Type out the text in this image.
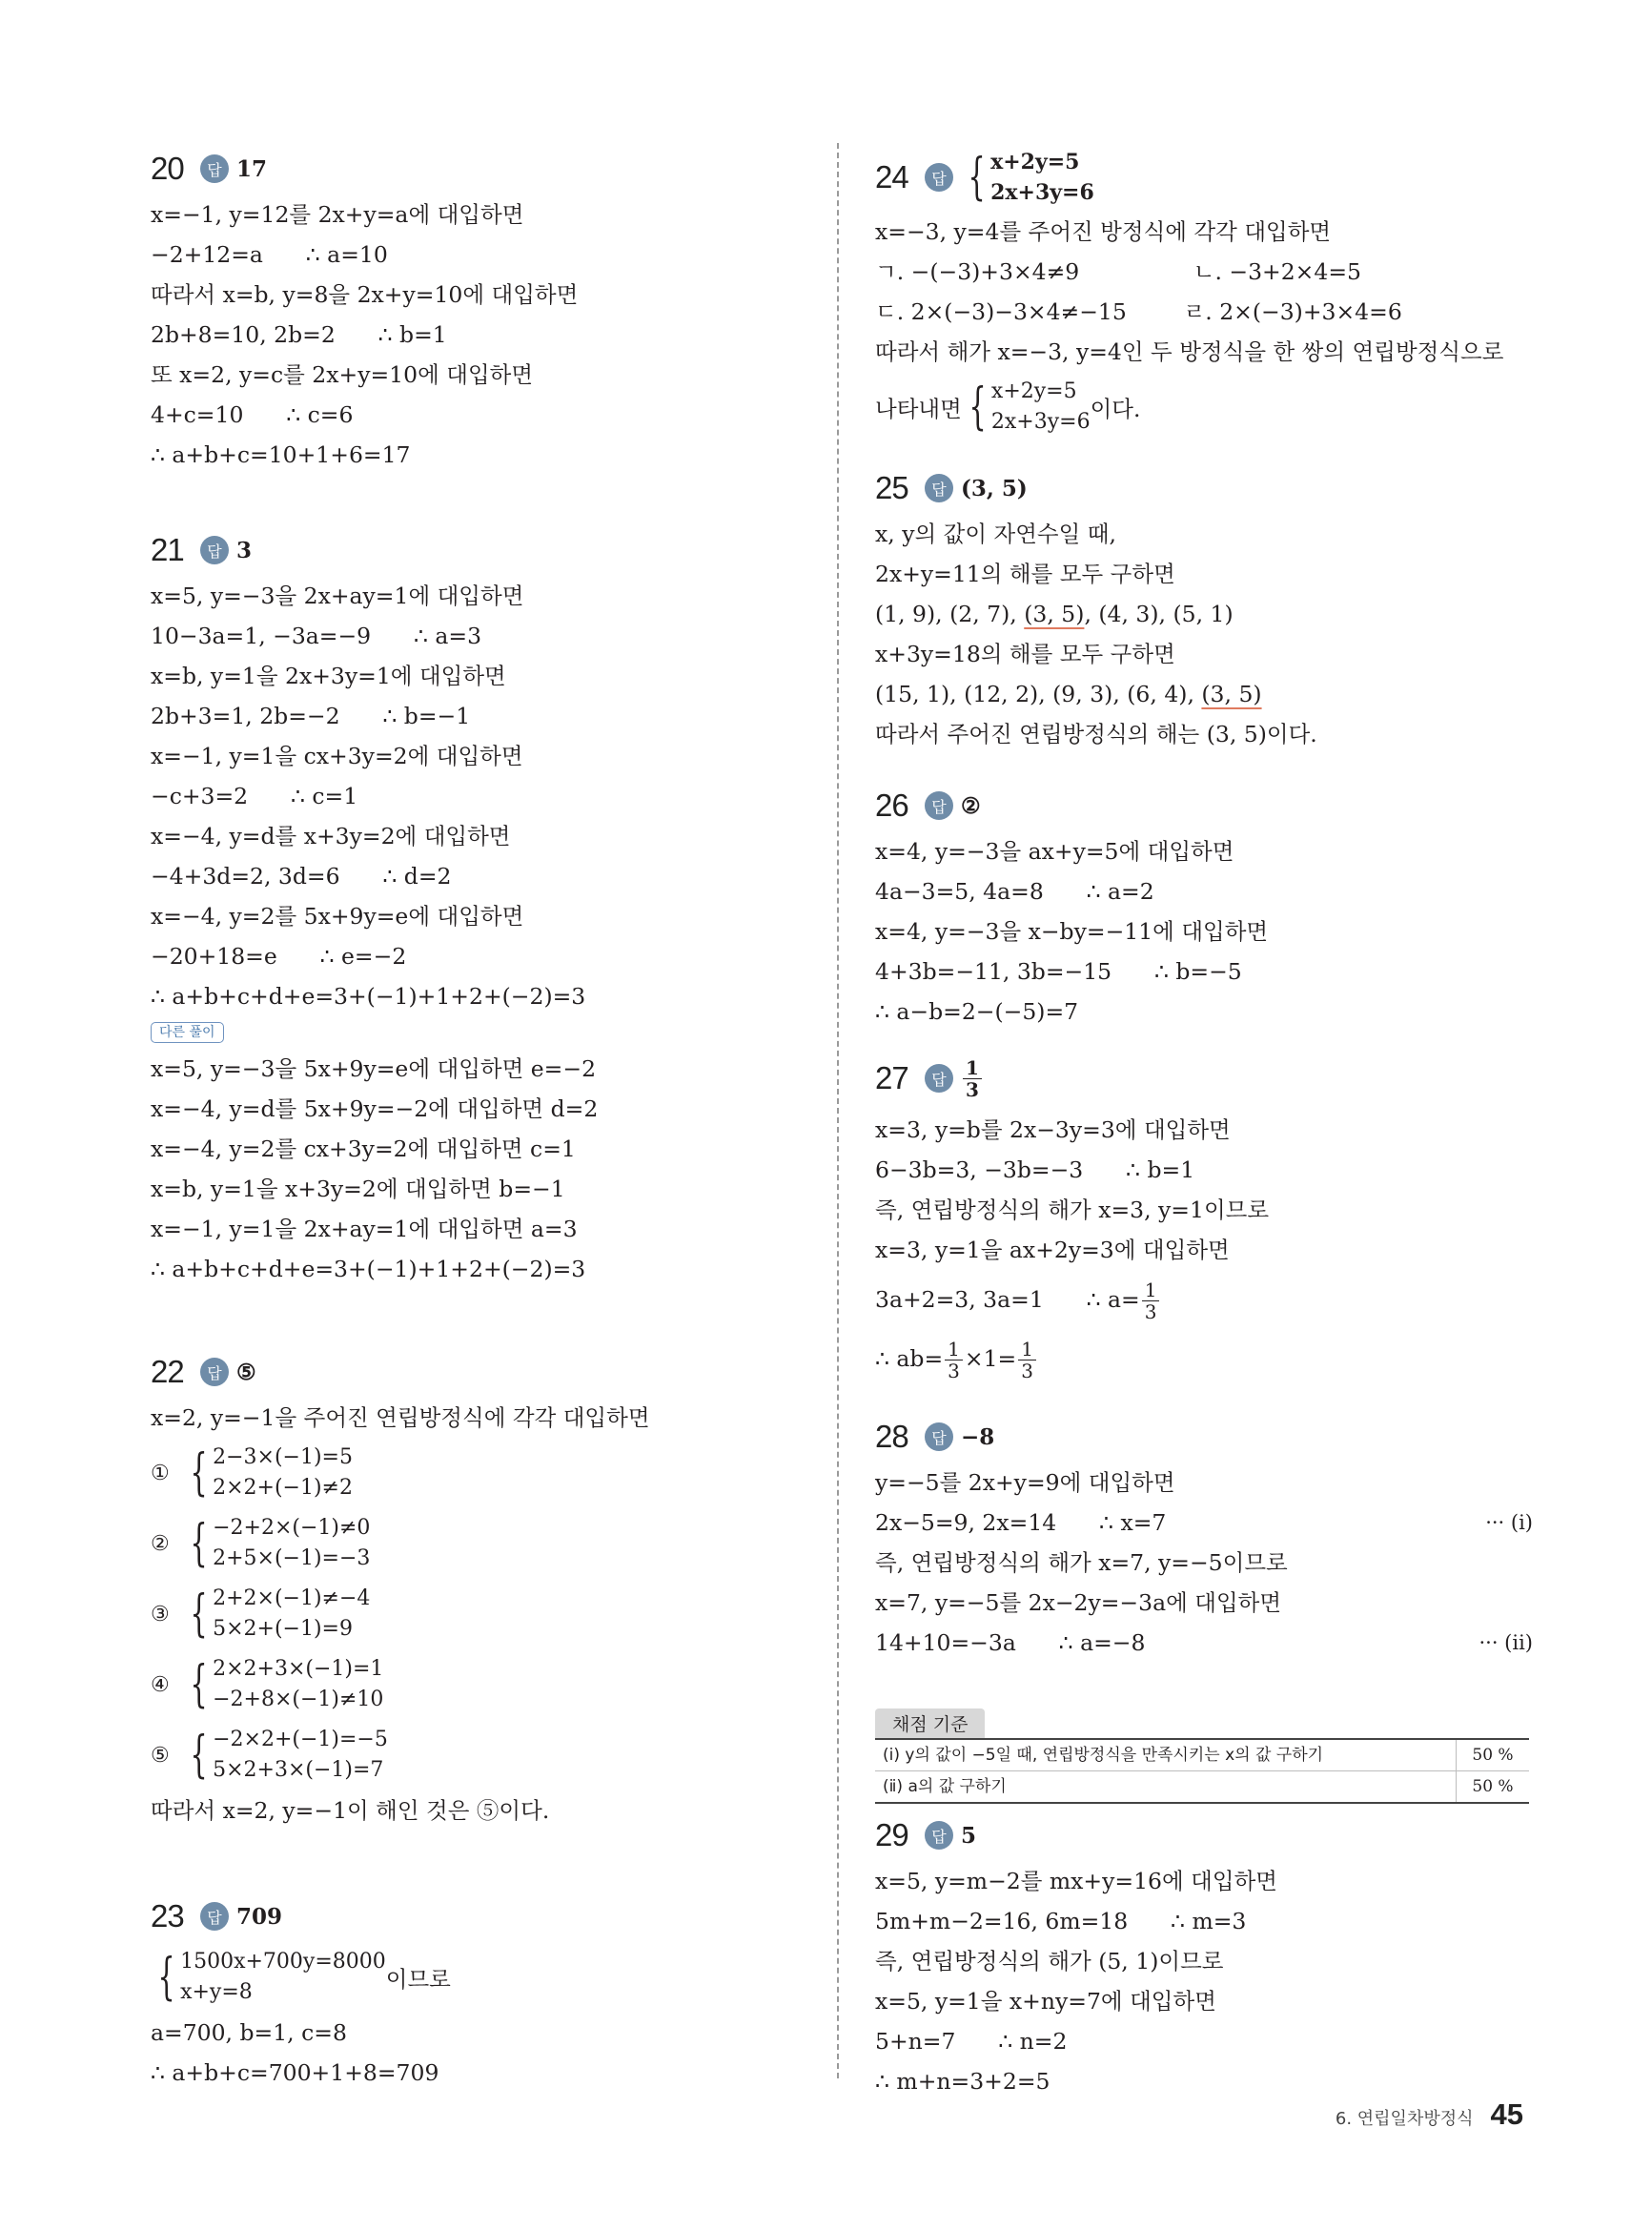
20	답 17
x=−1, y=12를 2x+y=a에 대입하면
−2+12=a      ∴ a=10
따라서 x=b, y=8을 2x+y=10에 대입하면
2b+8=10, 2b=2      ∴ b=1
또 x=2, y=c를 2x+y=10에 대입하면
4+c=10      ∴ c=6
∴ a+b+c=10+1+6=17
21	답 3
x=5, y=−3을 2x+ay=1에 대입하면
10−3a=1, −3a=−9      ∴ a=3
x=b, y=1을 2x+3y=1에 대입하면
2b+3=1, 2b=−2      ∴ b=−1
x=−1, y=1을 cx+3y=2에 대입하면
−c+3=2      ∴ c=1
x=−4, y=d를 x+3y=2에 대입하면
−4+3d=2, 3d=6      ∴ d=2
x=−4, y=2를 5x+9y=e에 대입하면
−20+18=e      ∴ e=−2
∴ a+b+c+d+e=3+(−1)+1+2+(−2)=3
다른 풀이
x=5, y=−3을 5x+9y=e에 대입하면 e=−2
x=−4, y=d를 5x+9y=−2에 대입하면 d=2
x=−4, y=2를 cx+3y=2에 대입하면 c=1
x=b, y=1을 x+3y=2에 대입하면 b=−1
x=−1, y=1을 2x+ay=1에 대입하면 a=3
∴ a+b+c+d+e=3+(−1)+1+2+(−2)=3
22	답 ⑤
x=2, y=−1을 주어진 연립방정식에 각각 대입하면
① { 2−3×(−1)=5
2×2+(−1)≠2
② { −2+2×(−1)≠0
2+5×(−1)=−3
③ { 2+2×(−1)≠−4
5×2+(−1)=9
④ { 2×2+3×(−1)=1
−2+8×(−1)≠10
⑤ { −2×2+(−1)=−5
5×2+3×(−1)=7
따라서 x=2, y=−1이 해인 것은 ⑤이다.
23	답 709
{ 1500x+700y=8000
x+y=8	이므로
a=700, b=1, c=8
∴ a+b+c=700+1+8=709
24	답 { x+2y=5
2x+3y=6
x=−3, y=4를 주어진 방정식에 각각 대입하면
ㄱ. −(−3)+3×4≠9                ㄴ. −3+2×4=5
ㄷ. 2×(−3)−3×4≠−15        ㄹ. 2×(−3)+3×4=6
따라서 해가 x=−3, y=4인 두 방정식을 한 쌍의 연립방정식으로
나타내면 { x+2y=5
2x+3y=6 이다.
25	답 (3, 5)
x, y의 값이 자연수일 때,
2x+y=11의 해를 모두 구하면
(1, 9), (2, 7), (3, 5), (4, 3), (5, 1)
x+3y=18의 해를 모두 구하면
(15, 1), (12, 2), (9, 3), (6, 4), (3, 5)
따라서 주어진 연립방정식의 해는 (3, 5)이다.
26	답 ②
x=4, y=−3을 ax+y=5에 대입하면
4a−3=5, 4a=8      ∴ a=2
x=4, y=−3을 x−by=−11에 대입하면
4+3b=−11, 3b=−15      ∴ b=−5
∴ a−b=2−(−5)=7
27	답 $\frac{1}{3}$
x=3, y=b를 2x−3y=3에 대입하면
6−3b=3, −3b=−3      ∴ b=1
즉, 연립방정식의 해가 x=3, y=1이므로
x=3, y=1을 ax+2y=3에 대입하면
3a+2=3, 3a=1      ∴ $a= \frac{1}{3}$
∴ $ab= \frac{1}{3} \times 1= \frac{1}{3}$
28	답 −8
y=−5를 2x+y=9에 대입하면
2x−5=9, 2x=14      ∴ x=7	··· (ⅰ)
즉, 연립방정식의 해가 x=7, y=−5이므로
x=7, y=−5를 2x−2y=−3a에 대입하면
14+10=−3a      ∴ a=−8	··· (ⅱ)
채점 기준
(ⅰ) y의 값이 −5일 때, 연립방정식을 만족시키는 x의 값 구하기	50 %
(ⅱ) a의 값 구하기	50 %
29	답 5
x=5, y=m−2를 mx+y=16에 대입하면
5m+m−2=16, 6m=18      ∴ m=3
즉, 연립방정식의 해가 (5, 1)이므로
x=5, y=1을 x+ny=7에 대입하면
5+n=7      ∴ n=2
∴ m+n=3+2=5
6. 연립일차방정식 45
